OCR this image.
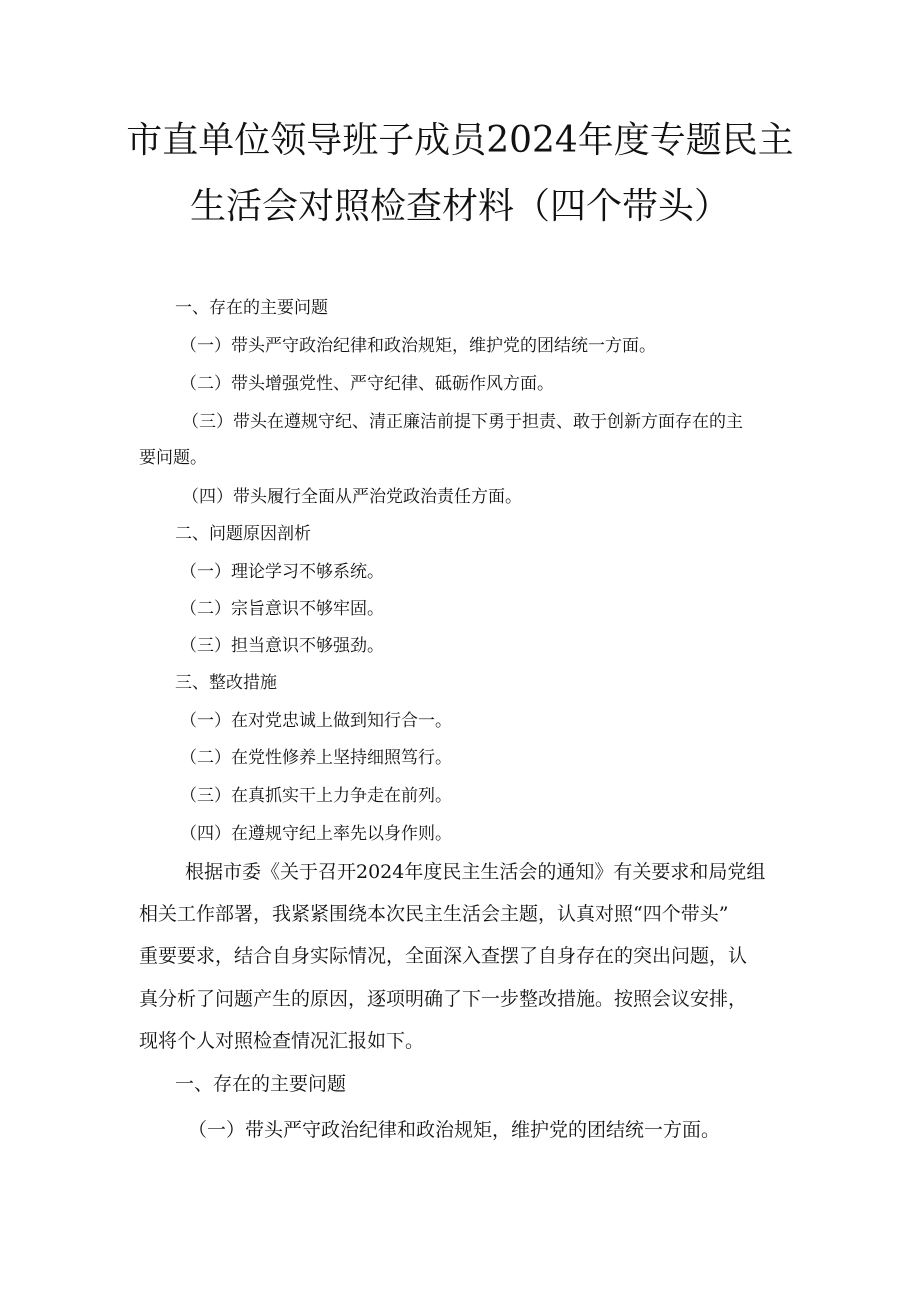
市直单位领导班子成员2024年度专题民主
生活会对照检查材料（四个带头）
一、存在的主要问题
（一）带头严守政治纪律和政治规矩，维护党的团结统一方面。
（二）带头增强党性、严守纪律、砥砺作风方面。
（三）带头在遵规守纪、清正廉洁前提下勇于担责、敢于创新方面存在的主
要问题。
（四）带头履行全面从严治党政治责任方面。
二、问题原因剖析
（一）理论学习不够系统。
（二）宗旨意识不够牢固。
（三）担当意识不够强劲。
三、整改措施
（一）在对党忠诚上做到知行合一。
（二）在党性修养上坚持细照笃行。
（三）在真抓实干上力争走在前列。
（四）在遵规守纪上率先以身作则。
根据市委《关于召开2024年度民主生活会的通知》有关要求和局党组
相关工作部署，我紧紧围绕本次民主生活会主题，认真对照“四个带头”
重要要求，结合自身实际情况，全面深入查摆了自身存在的突出问题，认
真分析了问题产生的原因，逐项明确了下一步整改措施。按照会议安排，
现将个人对照检查情况汇报如下。
一、存在的主要问题
（一）带头严守政治纪律和政治规矩，维护党的团结统一方面。
